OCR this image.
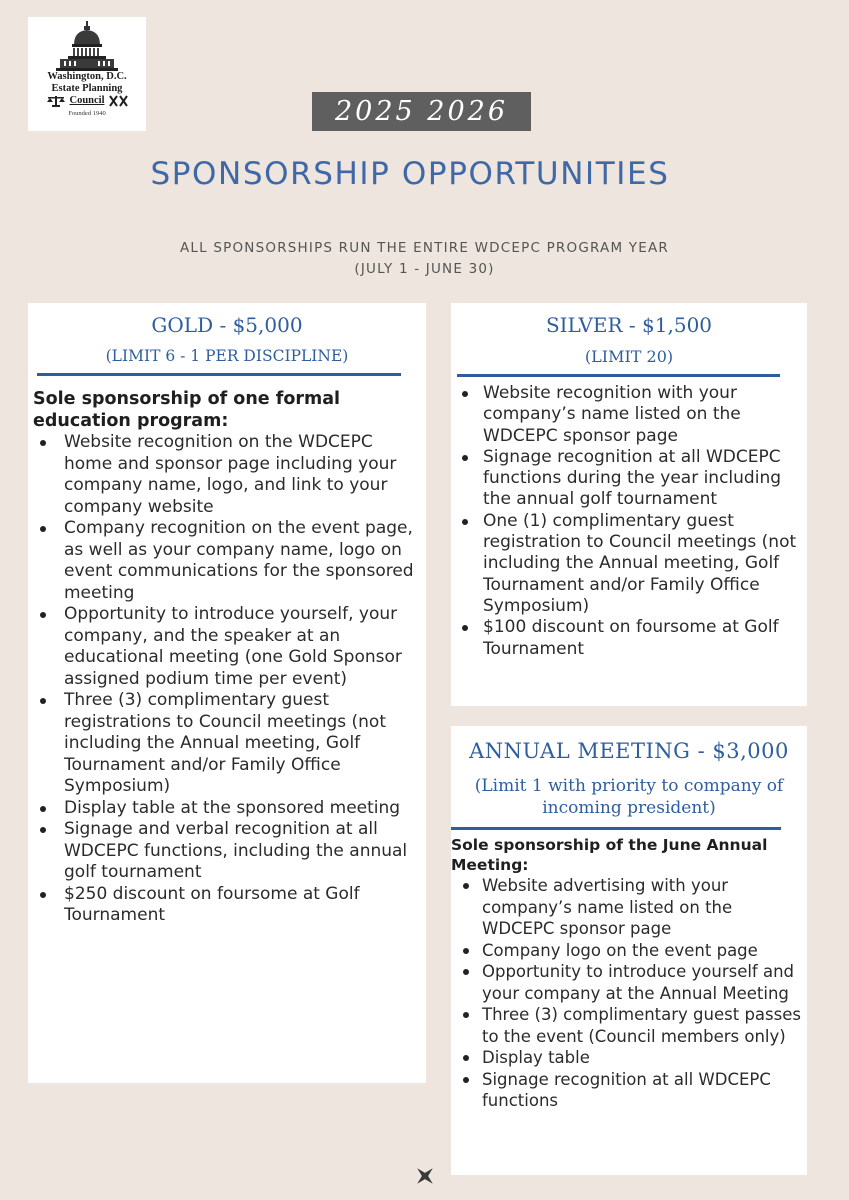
Washington, D.C.
Estate Planning
Council
Founded 1940	2025 2026
SPONSORSHIP OPPORTUNITIES
ALL SPONSORSHIPS RUN THE ENTIRE WDCEPC PROGRAM YEAR
(JULY 1 - JUNE 30)
GOLD - $5,000
(LIMIT 6 - 1 PER DISCIPLINE)
Sole sponsorship of one formal education program:
Website recognition on the WDCEPC home and sponsor page including your company name, logo, and link to your company website
Company recognition on the event page, as well as your company name, logo on event communications for the sponsored meeting
Opportunity to introduce yourself, your company, and the speaker at an educational meeting (one Gold Sponsor assigned podium time per event)
Three (3) complimentary guest registrations to Council meetings (not including the Annual meeting, Golf Tournament and/or Family Office Symposium)
Display table at the sponsored meeting
Signage and verbal recognition at all WDCEPC functions, including the annual golf tournament
$250 discount on foursome at Golf Tournament
SILVER - $1,500
(LIMIT 20)
Website recognition with your company’s name listed on the WDCEPC sponsor page
Signage recognition at all WDCEPC functions during the year including the annual golf tournament
One (1) complimentary guest registration to Council meetings (not including the Annual meeting, Golf Tournament and/or Family Office Symposium)
$100 discount on foursome at Golf Tournament
ANNUAL MEETING - $3,000
(Limit 1 with priority to company of incoming president)
Sole sponsorship of the June Annual Meeting:
Website advertising with your company’s name listed on the WDCEPC sponsor page
Company logo on the event page
Opportunity to introduce yourself and your company at the Annual Meeting
Three (3) complimentary guest passes to the event (Council members only)
Display table
Signage recognition at all WDCEPC functions
